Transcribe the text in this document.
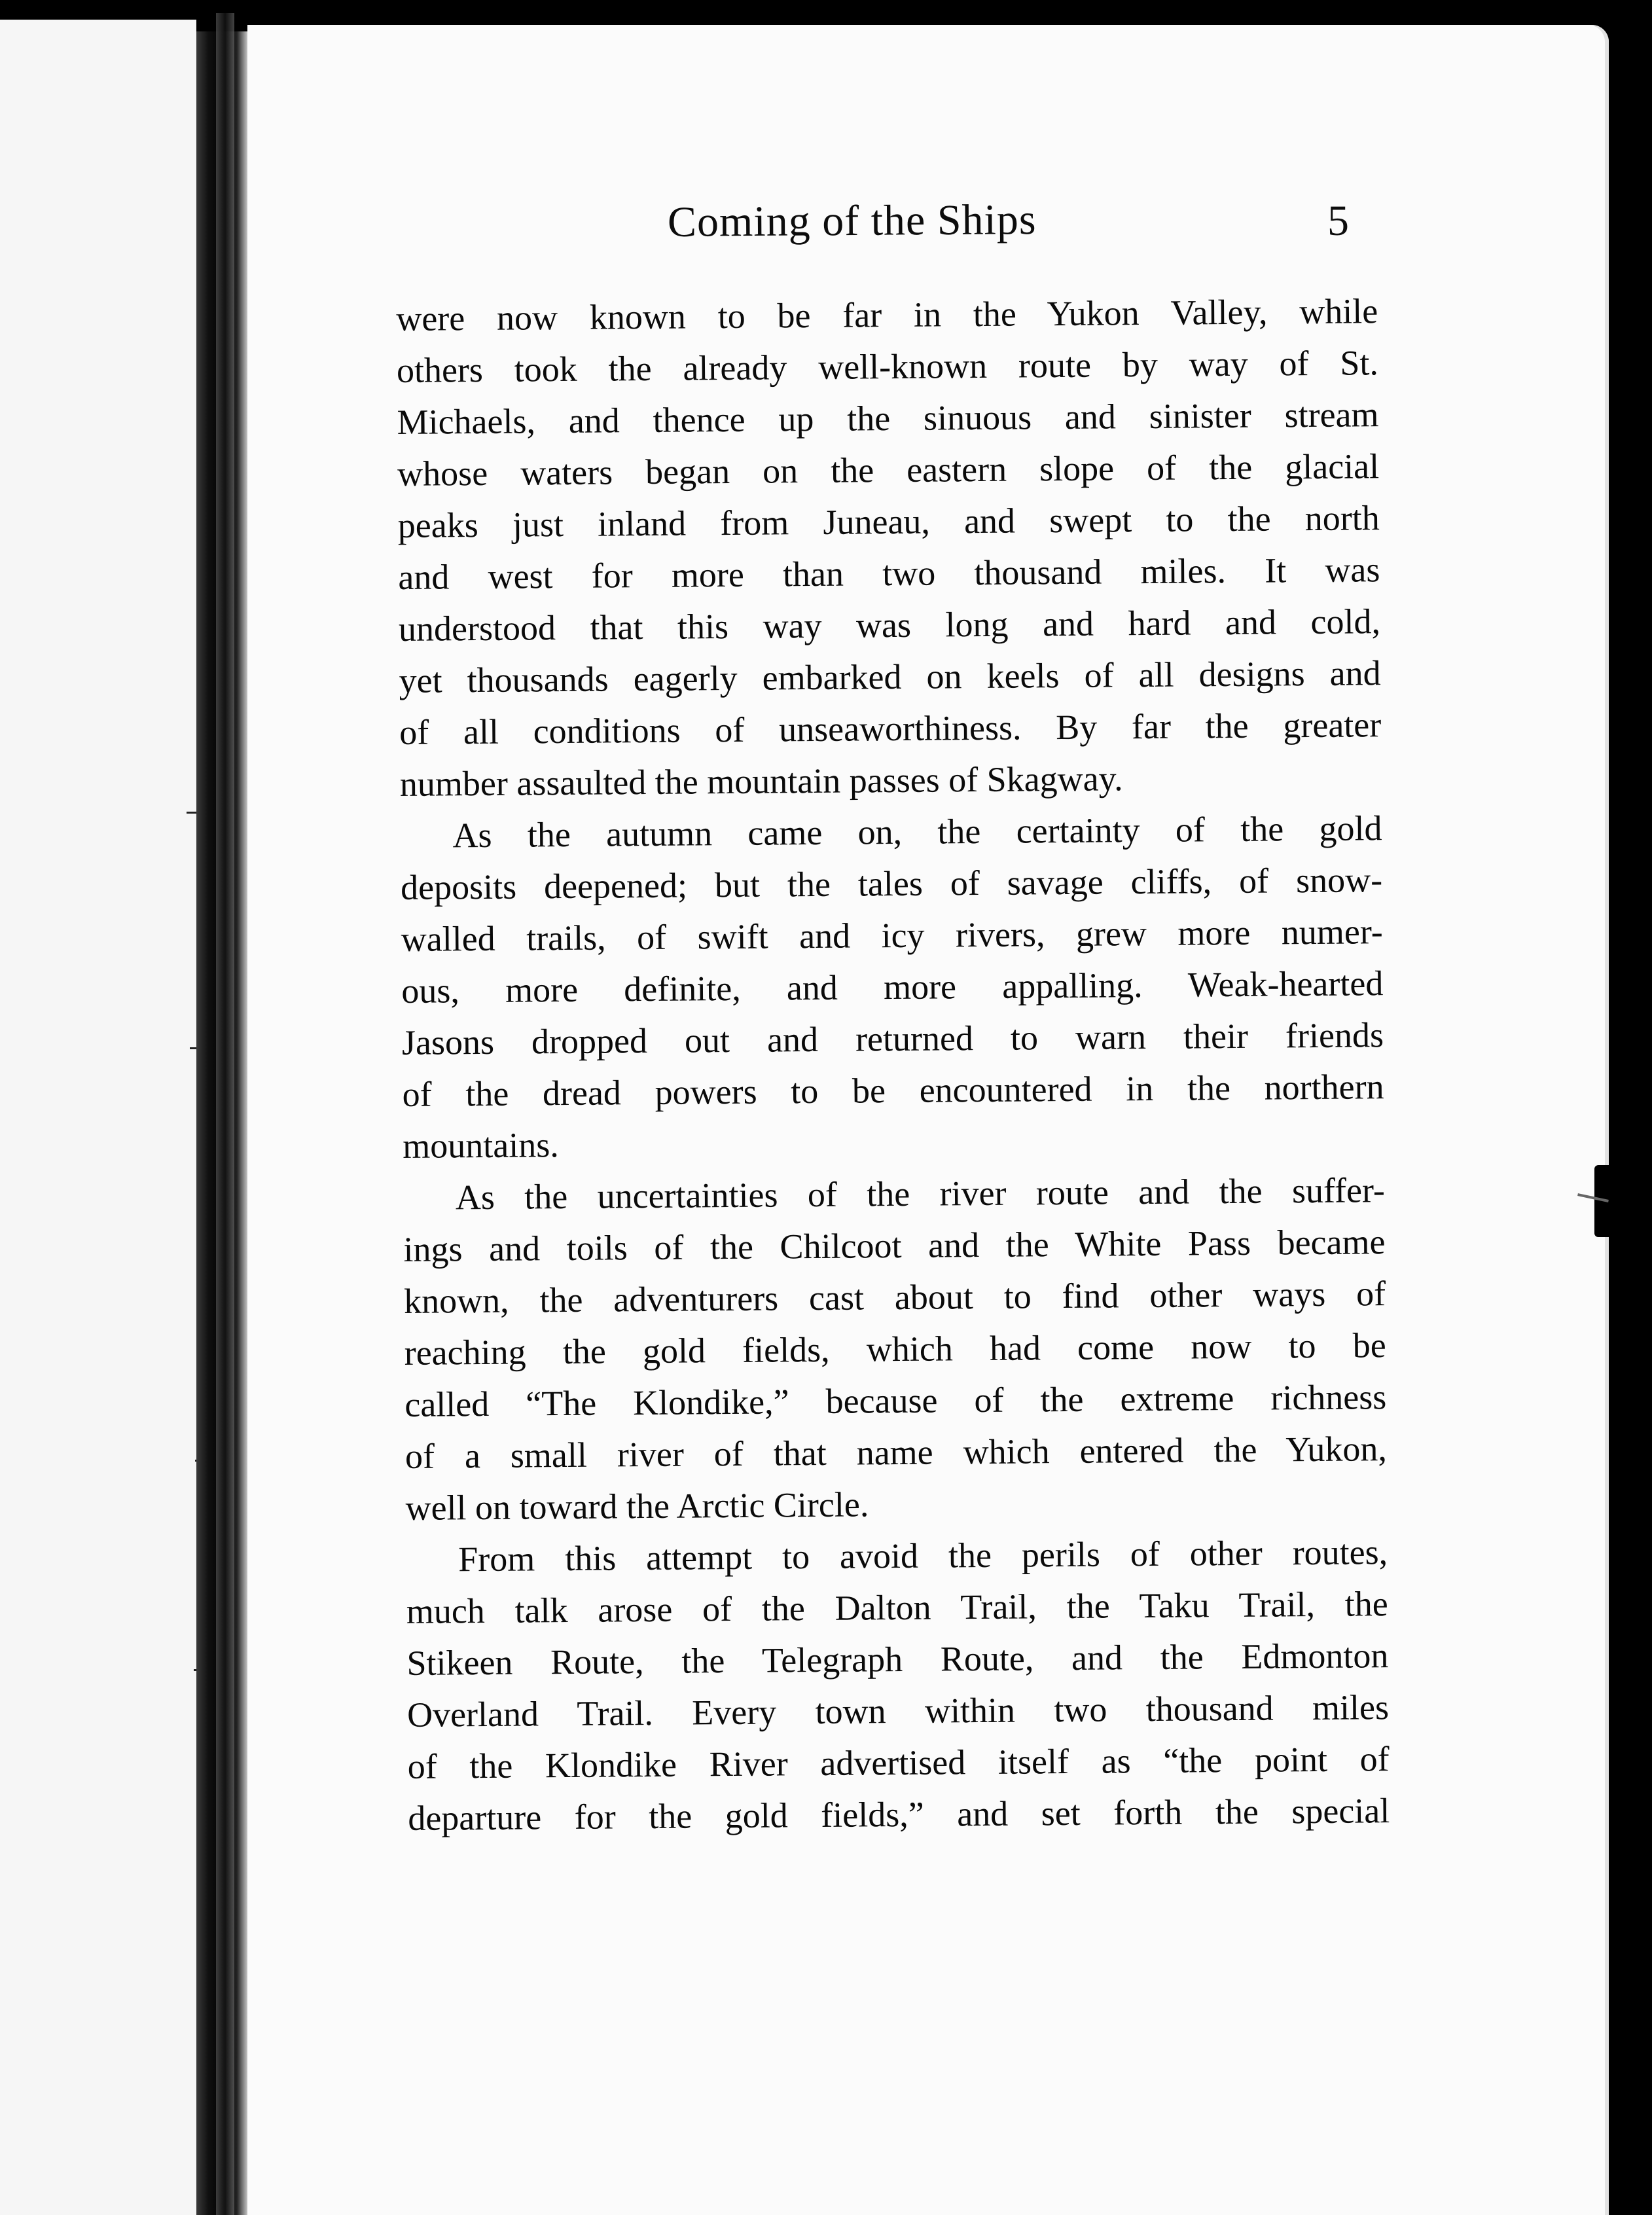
Coming of the Ships	5
were now known to be far in the Yukon Valley, while
others took the already well-known route by way of St.
Michaels, and thence up the sinuous and sinister stream
whose waters began on the eastern slope of the glacial
peaks just inland from Juneau, and swept to the north
and west for more than two thousand miles. It was
understood that this way was long and hard and cold,
yet thousands eagerly embarked on keels of all designs and
of all conditions of unseaworthiness. By far the greater
number assaulted the mountain passes of Skagway.
As the autumn came on, the certainty of the gold
deposits deepened; but the tales of savage cliffs, of snow-
walled trails, of swift and icy rivers, grew more numer-
ous, more definite, and more appalling. Weak-hearted
Jasons dropped out and returned to warn their friends
of the dread powers to be encountered in the northern
mountains.
As the uncertainties of the river route and the suffer-
ings and toils of the Chilcoot and the White Pass became
known, the adventurers cast about to find other ways of
reaching the gold fields, which had come now to be
called “The Klondike,” because of the extreme richness
of a small river of that name which entered the Yukon,
well on toward the Arctic Circle.
From this attempt to avoid the perils of other routes,
much talk arose of the Dalton Trail, the Taku Trail, the
Stikeen Route, the Telegraph Route, and the Edmonton
Overland Trail. Every town within two thousand miles
of the Klondike River advertised itself as “the point of
departure for the gold fields,” and set forth the special
